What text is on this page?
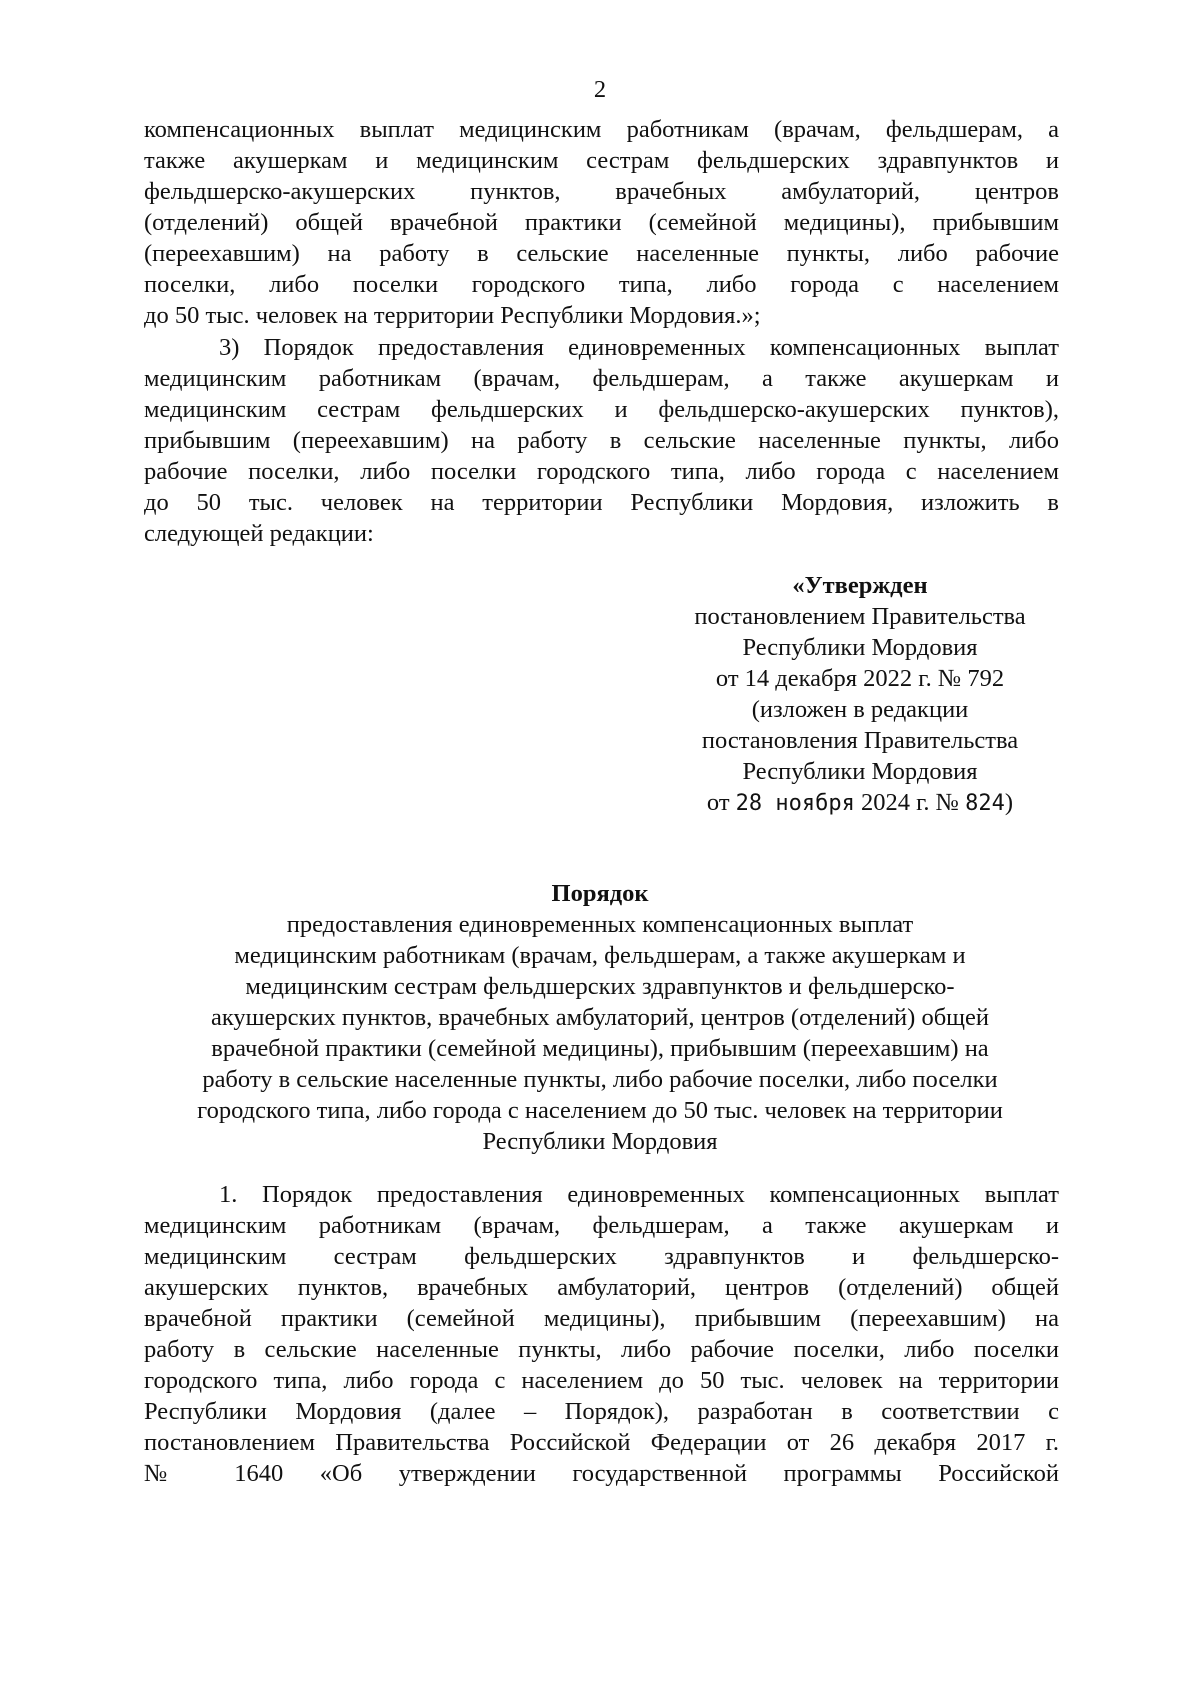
2
компенсационных выплат медицинским работникам (врачам, фельдшерам, а
также акушеркам и медицинским сестрам фельдшерских здравпунктов и
фельдшерско-акушерских пунктов, врачебных амбулаторий, центров
(отделений) общей врачебной практики (семейной медицины), прибывшим
(переехавшим) на работу в сельские населенные пункты, либо рабочие
поселки, либо поселки городского типа, либо города с населением
до 50 тыс. человек на территории Республики Мордовия.»;
3) Порядок предоставления единовременных компенсационных выплат
медицинским работникам (врачам, фельдшерам, а также акушеркам и
медицинским сестрам фельдшерских и фельдшерско-акушерских пунктов),
прибывшим (переехавшим) на работу в сельские населенные пункты, либо
рабочие поселки, либо поселки городского типа, либо города с населением
до 50 тыс. человек на территории Республики Мордовия, изложить в
следующей редакции:
«Утвержден
постановлением Правительства
Республики Мордовия
от 14 декабря 2022 г. № 792
(изложен в редакции
постановления Правительства
Республики Мордовия
от 28 ноября 2024 г. № 824)
Порядок
предоставления единовременных компенсационных выплат
медицинским работникам (врачам, фельдшерам, а также акушеркам и
медицинским сестрам фельдшерских здравпунктов и фельдшерско-
акушерских пунктов, врачебных амбулаторий, центров (отделений) общей
врачебной практики (семейной медицины), прибывшим (переехавшим) на
работу в сельские населенные пункты, либо рабочие поселки, либо поселки
городского типа, либо города с населением до 50 тыс. человек на территории
Республики Мордовия
1. Порядок предоставления единовременных компенсационных выплат
медицинским работникам (врачам, фельдшерам, а также акушеркам и
медицинским сестрам фельдшерских здравпунктов и фельдшерско-
акушерских пунктов, врачебных амбулаторий, центров (отделений) общей
врачебной практики (семейной медицины), прибывшим (переехавшим) на
работу в сельские населенные пункты, либо рабочие поселки, либо поселки
городского типа, либо города с населением до 50 тыс. человек на территории
Республики Мордовия (далее – Порядок), разработан в соответствии с
постановлением Правительства Российской Федерации от 26 декабря 2017 г.
№ 1640 «Об утверждении государственной программы Российской
